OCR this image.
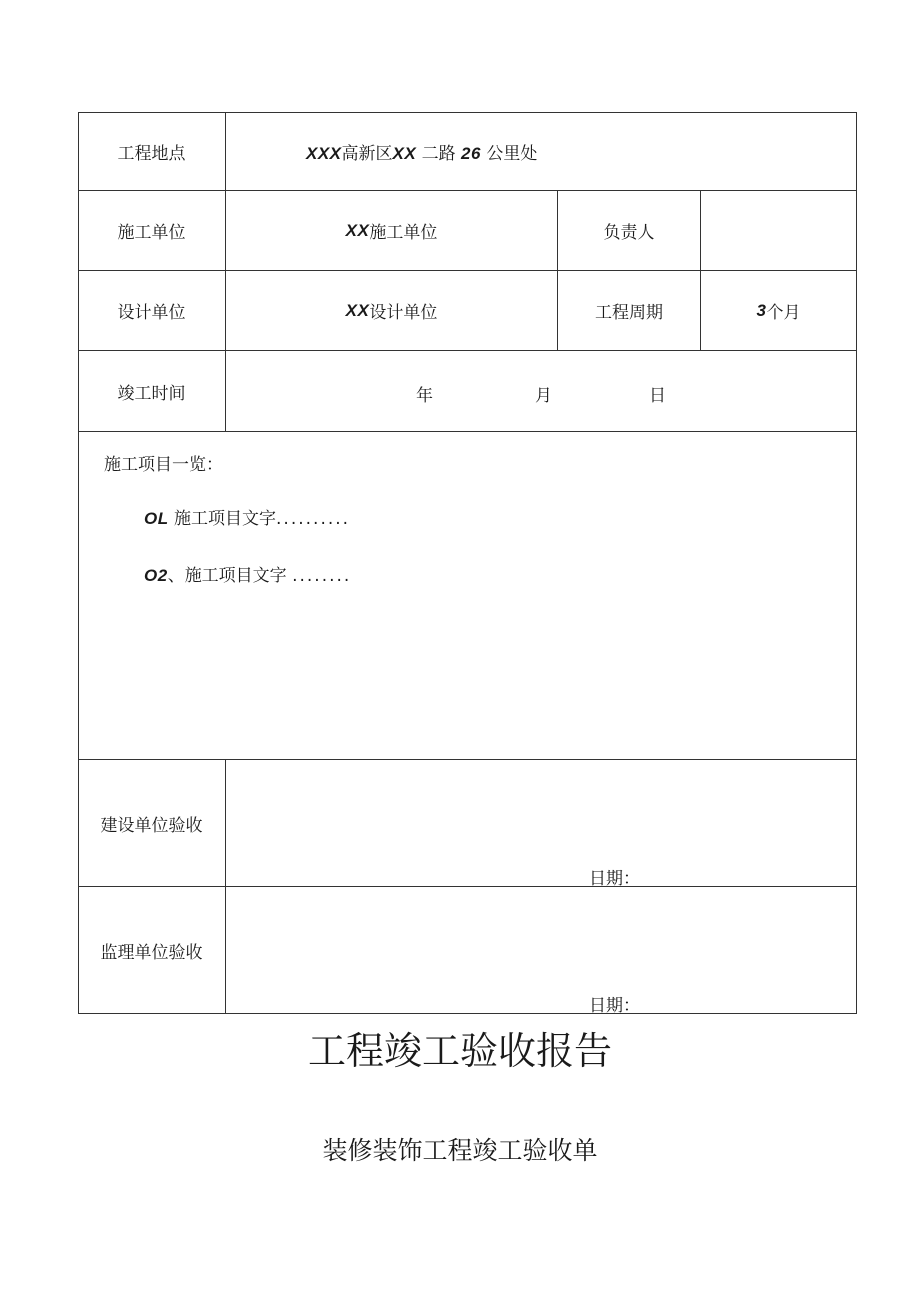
工程地点	XXX高新区XX 二路 26 公里处
施工单位	XX 施工单位	负责人
设计单位	XX 设计单位	工程周期	3 个月
竣工时间	年	月	日
施工项目一览：
OL 施工项目文字..........
O2、施工项目文字 ........
建设单位验收
日期：
监理单位验收
日期：
工程竣工验收报告
装修装饰工程竣工验收单
